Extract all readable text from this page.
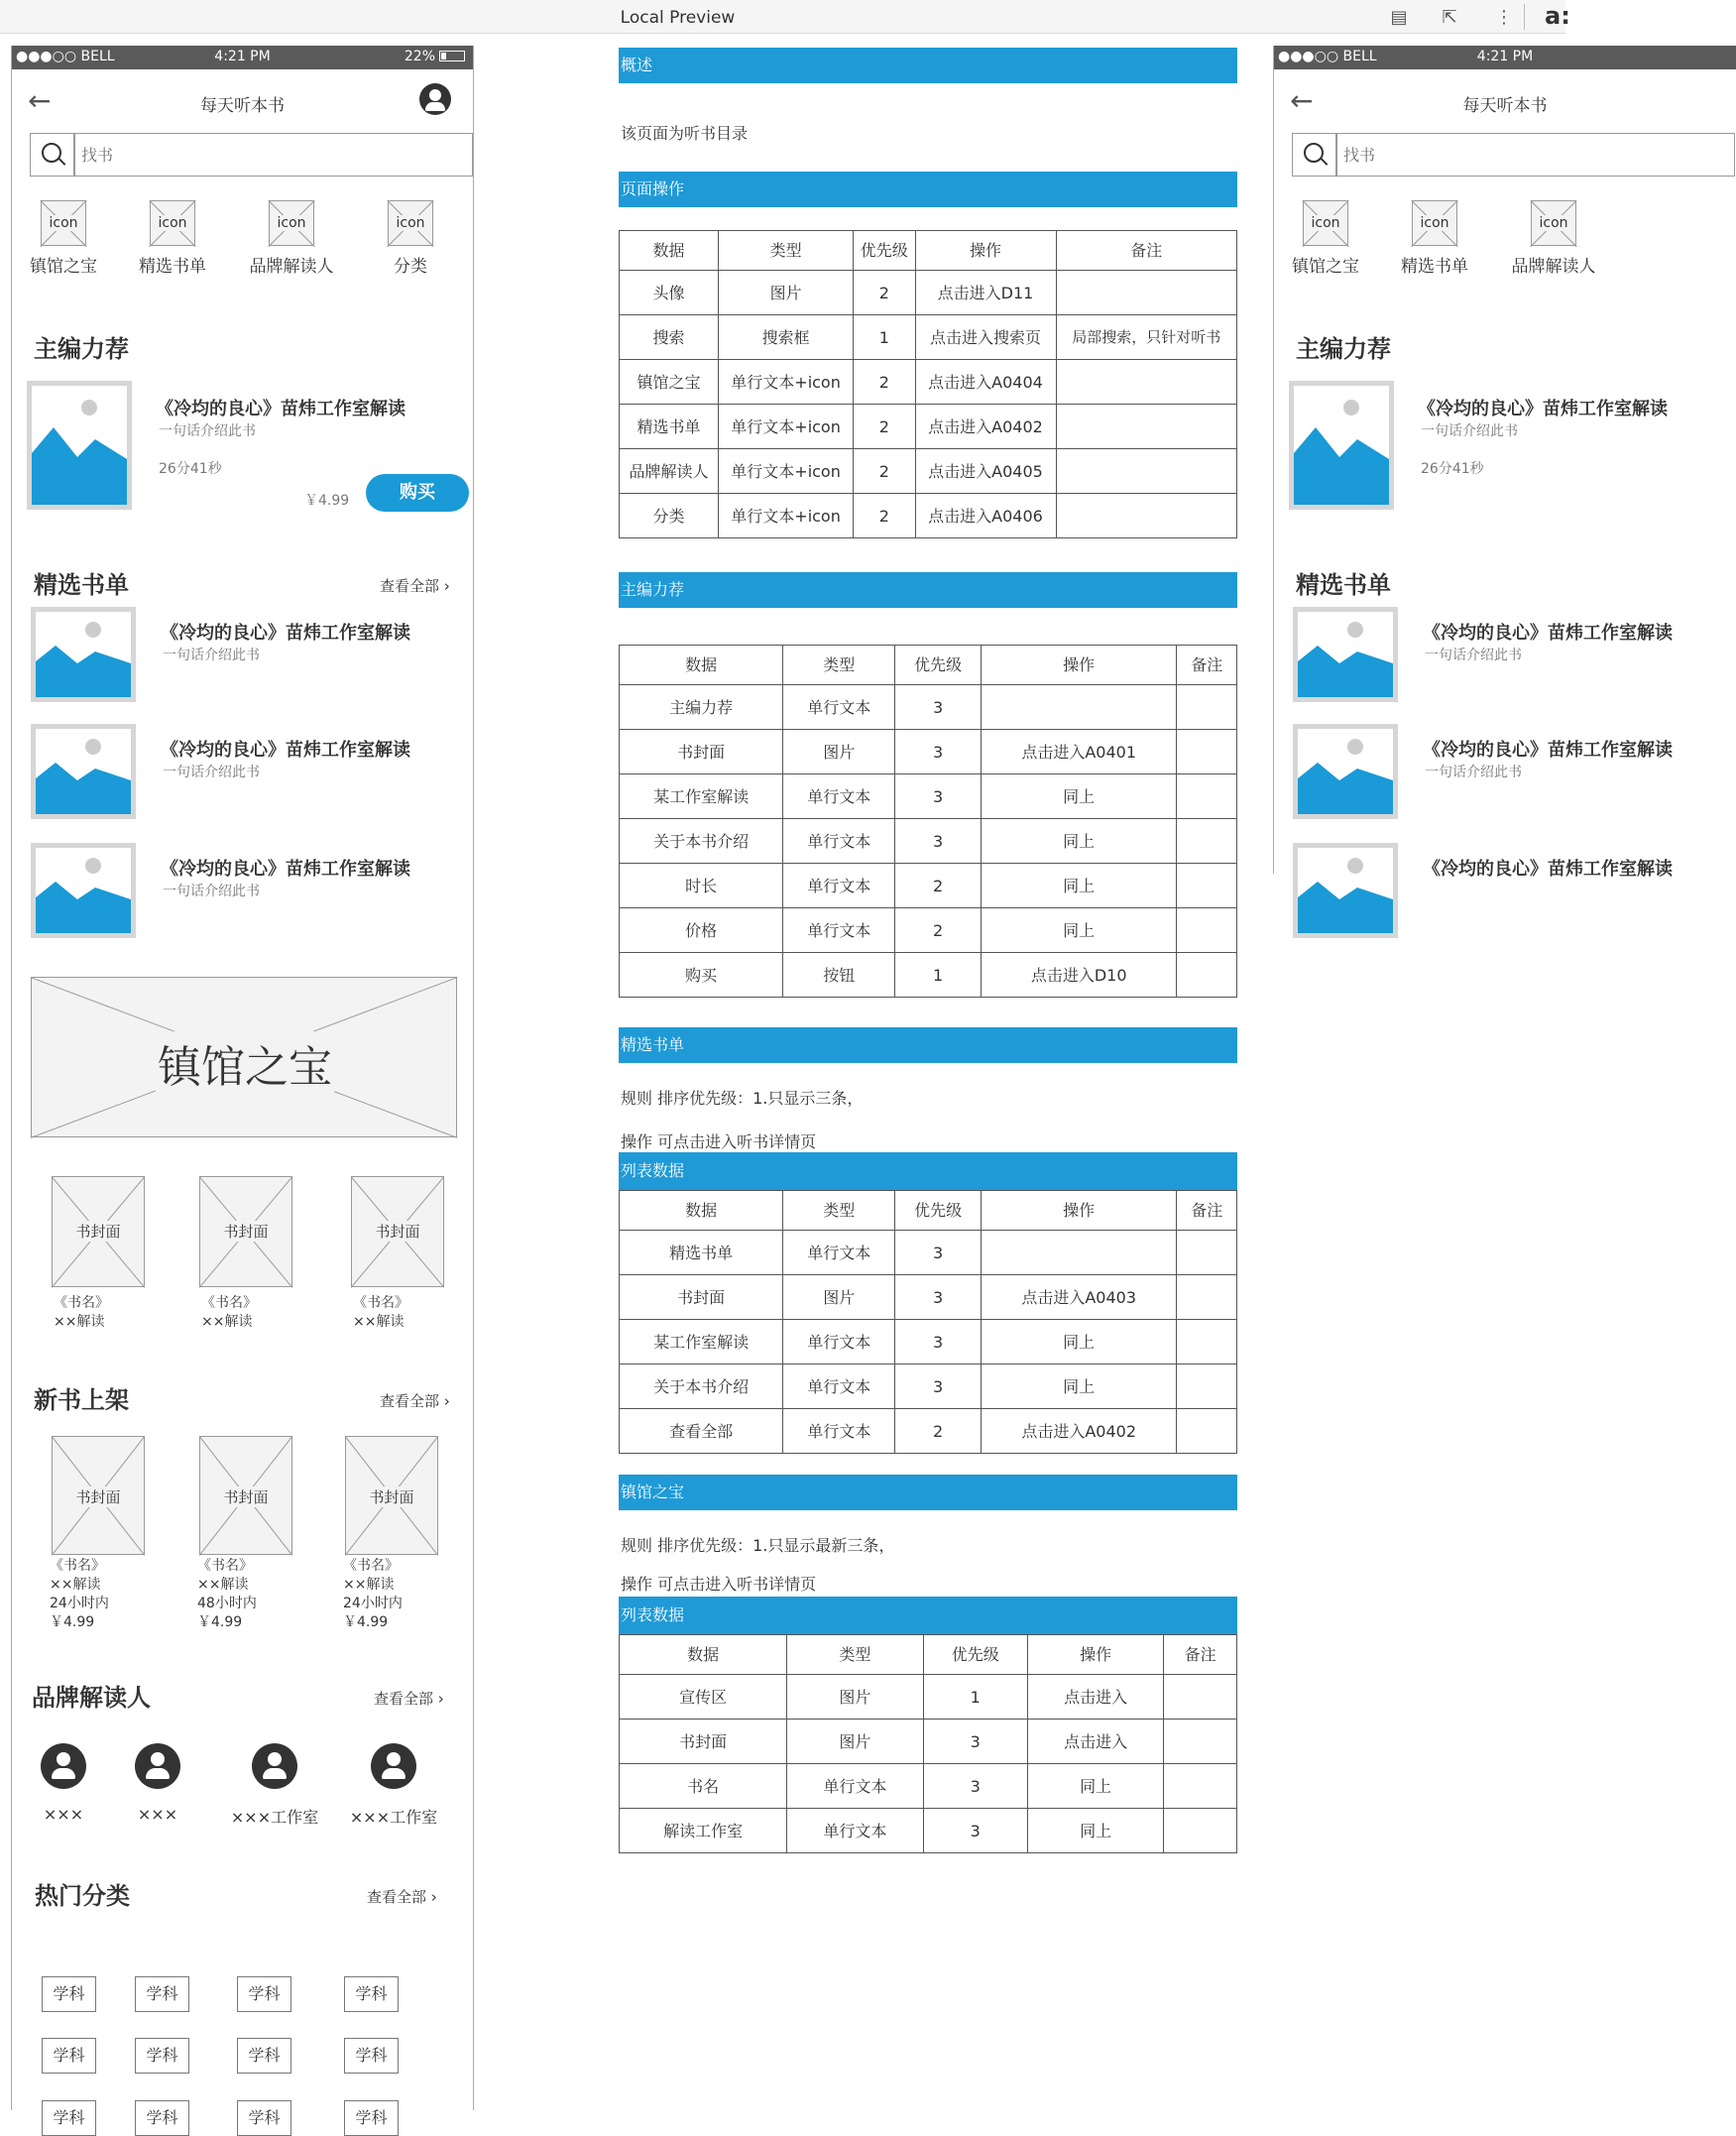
Local Preview	▤ ⇱ ⋮ a:
●●●○○ BELL	4:21 PM	22%
←	每天听本书
找书
icon
镇馆之宝
icon
精选书单
icon
品牌解读人
icon
分类
主编力荐
《冷均的良心》苗炜工作室解读
一句话介绍此书
26分41秒
￥4.99	购买
精选书单	查看全部 ›
《冷均的良心》苗炜工作室解读
一句话介绍此书
《冷均的良心》苗炜工作室解读
一句话介绍此书
《冷均的良心》苗炜工作室解读
一句话介绍此书
镇馆之宝
书封面
《书名》
××解读
书封面
《书名》
××解读
书封面
《书名》
××解读
新书上架	查看全部 ›
书封面
《书名》
××解读
24小时内
￥4.99
书封面
《书名》
××解读
48小时内
￥4.99
书封面
《书名》
××解读
24小时内
￥4.99
品牌解读人	查看全部 ›
×××	×××	×××工作室	×××工作室
热门分类	查看全部 ›
学科	学科	学科	学科
学科	学科	学科	学科
学科	学科	学科	学科
概述
该页面为听书目录
页面操作
数据	类型	优先级	操作	备注
头像	图片	2	点击进入D11	
搜索	搜索框	1	点击进入搜索页	局部搜索，只针对听书
镇馆之宝	单行文本+icon	2	点击进入A0404	
精选书单	单行文本+icon	2	点击进入A0402	
品牌解读人	单行文本+icon	2	点击进入A0405	
分类	单行文本+icon	2	点击进入A0406	
主编力荐
数据	类型	优先级	操作	备注
主编力荐	单行文本	3		
书封面	图片	3	点击进入A0401	
某工作室解读	单行文本	3	同上	
关于本书介绍	单行文本	3	同上	
时长	单行文本	2	同上	
价格	单行文本	2	同上	
购买	按钮	1	点击进入D10	
精选书单
规则 排序优先级：1.只显示三条，
操作 可点击进入听书详情页
列表数据
数据	类型	优先级	操作	备注
精选书单	单行文本	3		
书封面	图片	3	点击进入A0403	
某工作室解读	单行文本	3	同上	
关于本书介绍	单行文本	3	同上	
查看全部	单行文本	2	点击进入A0402	
镇馆之宝
规则 排序优先级：1.只显示最新三条，
操作 可点击进入听书详情页
列表数据
数据	类型	优先级	操作	备注
宣传区	图片	1	点击进入	
书封面	图片	3	点击进入	
书名	单行文本	3	同上	
解读工作室	单行文本	3	同上	
●●●○○ BELL	4:21 PM
←	每天听本书
找书
icon
镇馆之宝
icon
精选书单
icon
品牌解读人
主编力荐
《冷均的良心》苗炜工作室解读
一句话介绍此书
26分41秒
精选书单
《冷均的良心》苗炜工作室解读
一句话介绍此书
《冷均的良心》苗炜工作室解读
一句话介绍此书
《冷均的良心》苗炜工作室解读
